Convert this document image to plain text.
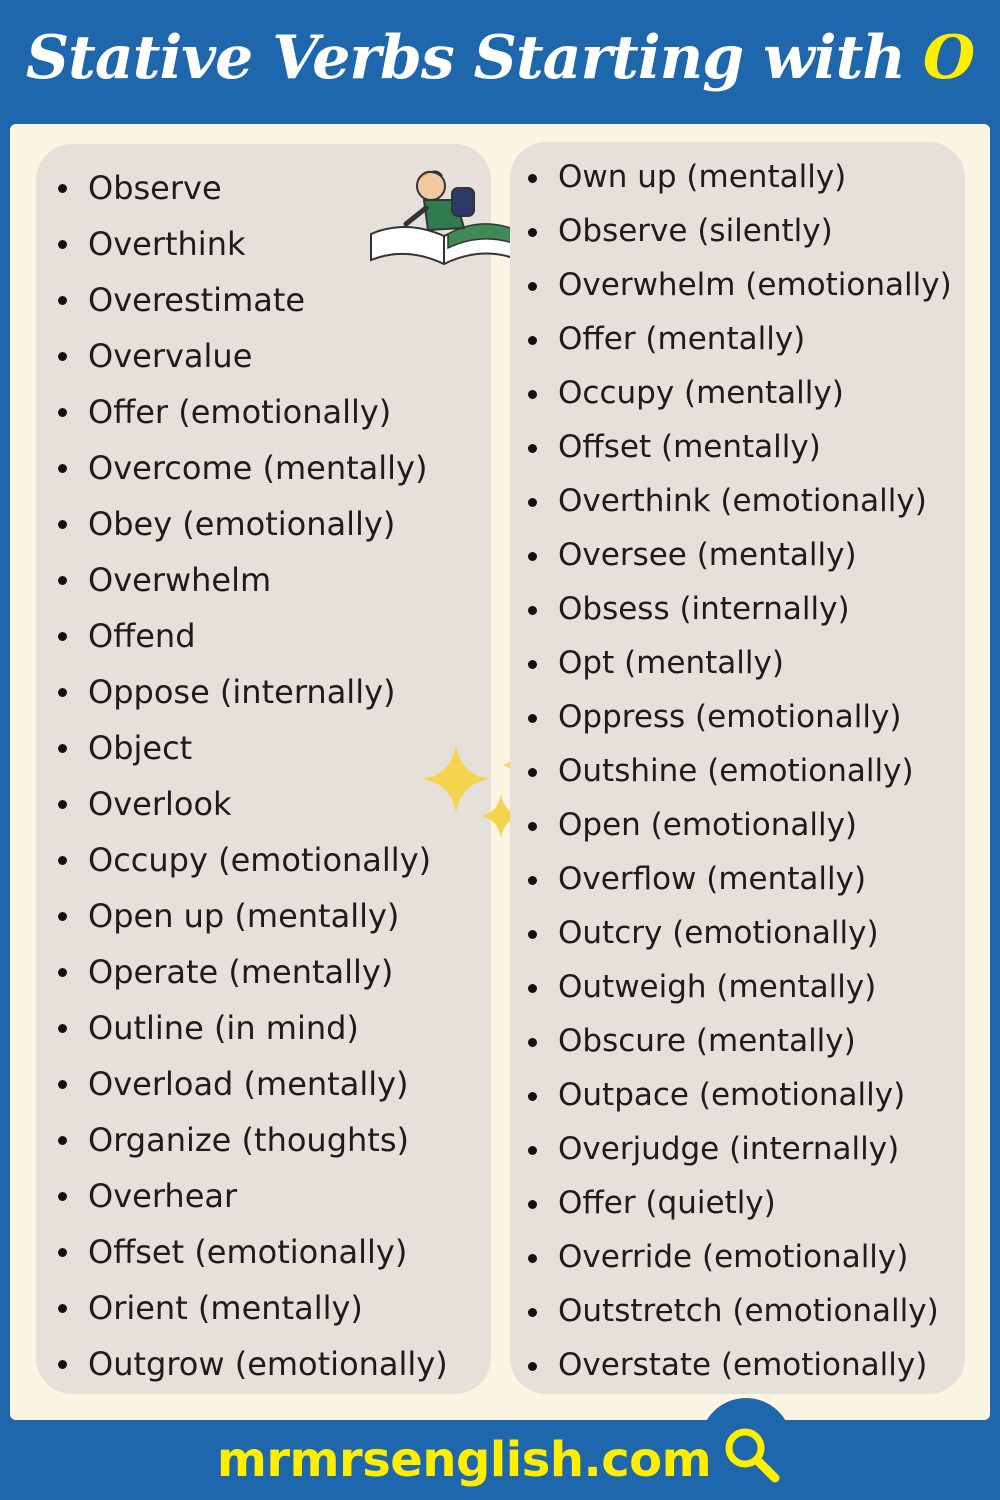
Stative Verbs Starting with O
Observe
Overthink
Overestimate
Overvalue
Offer (emotionally)
Overcome (mentally)
Obey (emotionally)
Overwhelm
Offend
Oppose (internally)
Object
Overlook
Occupy (emotionally)
Open up (mentally)
Operate (mentally)
Outline (in mind)
Overload (mentally)
Organize (thoughts)
Overhear
Offset (emotionally)
Orient (mentally)
Outgrow (emotionally)
Own up (mentally)
Observe (silently)
Overwhelm (emotionally)
Offer (mentally)
Occupy (mentally)
Offset (mentally)
Overthink (emotionally)
Oversee (mentally)
Obsess (internally)
Opt (mentally)
Oppress (emotionally)
Outshine (emotionally)
Open (emotionally)
Overflow (mentally)
Outcry (emotionally)
Outweigh (mentally)
Obscure (mentally)
Outpace (emotionally)
Overjudge (internally)
Offer (quietly)
Override (emotionally)
Outstretch (emotionally)
Overstate (emotionally)
mrmrsenglish.com
